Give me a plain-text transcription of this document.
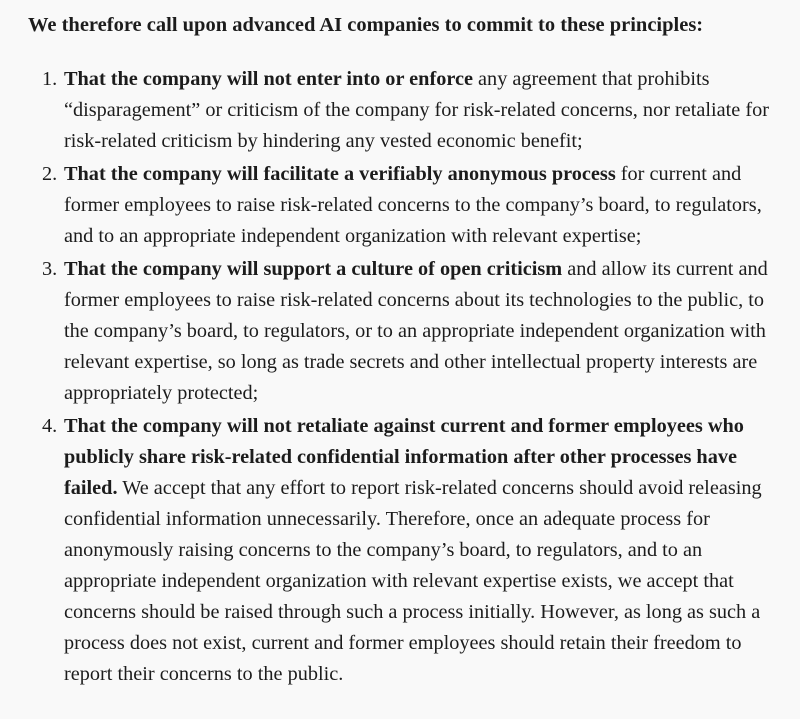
We therefore call upon advanced AI companies to commit to these principles:

1. That the company will not enter into or enforce any agreement that prohibits “disparagement” or criticism of the company for risk-related concerns, nor retaliate for risk-related criticism by hindering any vested economic benefit;
2. That the company will facilitate a verifiably anonymous process for current and former employees to raise risk-related concerns to the company’s board, to regulators, and to an appropriate independent organization with relevant expertise;
3. That the company will support a culture of open criticism and allow its current and former employees to raise risk-related concerns about its technologies to the public, to the company’s board, to regulators, or to an appropriate independent organization with relevant expertise, so long as trade secrets and other intellectual property interests are appropriately protected;
4. That the company will not retaliate against current and former employees who publicly share risk-related confidential information after other processes have failed. We accept that any effort to report risk-related concerns should avoid releasing confidential information unnecessarily. Therefore, once an adequate process for anonymously raising concerns to the company’s board, to regulators, and to an appropriate independent organization with relevant expertise exists, we accept that concerns should be raised through such a process initially. However, as long as such a process does not exist, current and former employees should retain their freedom to report their concerns to the public.
